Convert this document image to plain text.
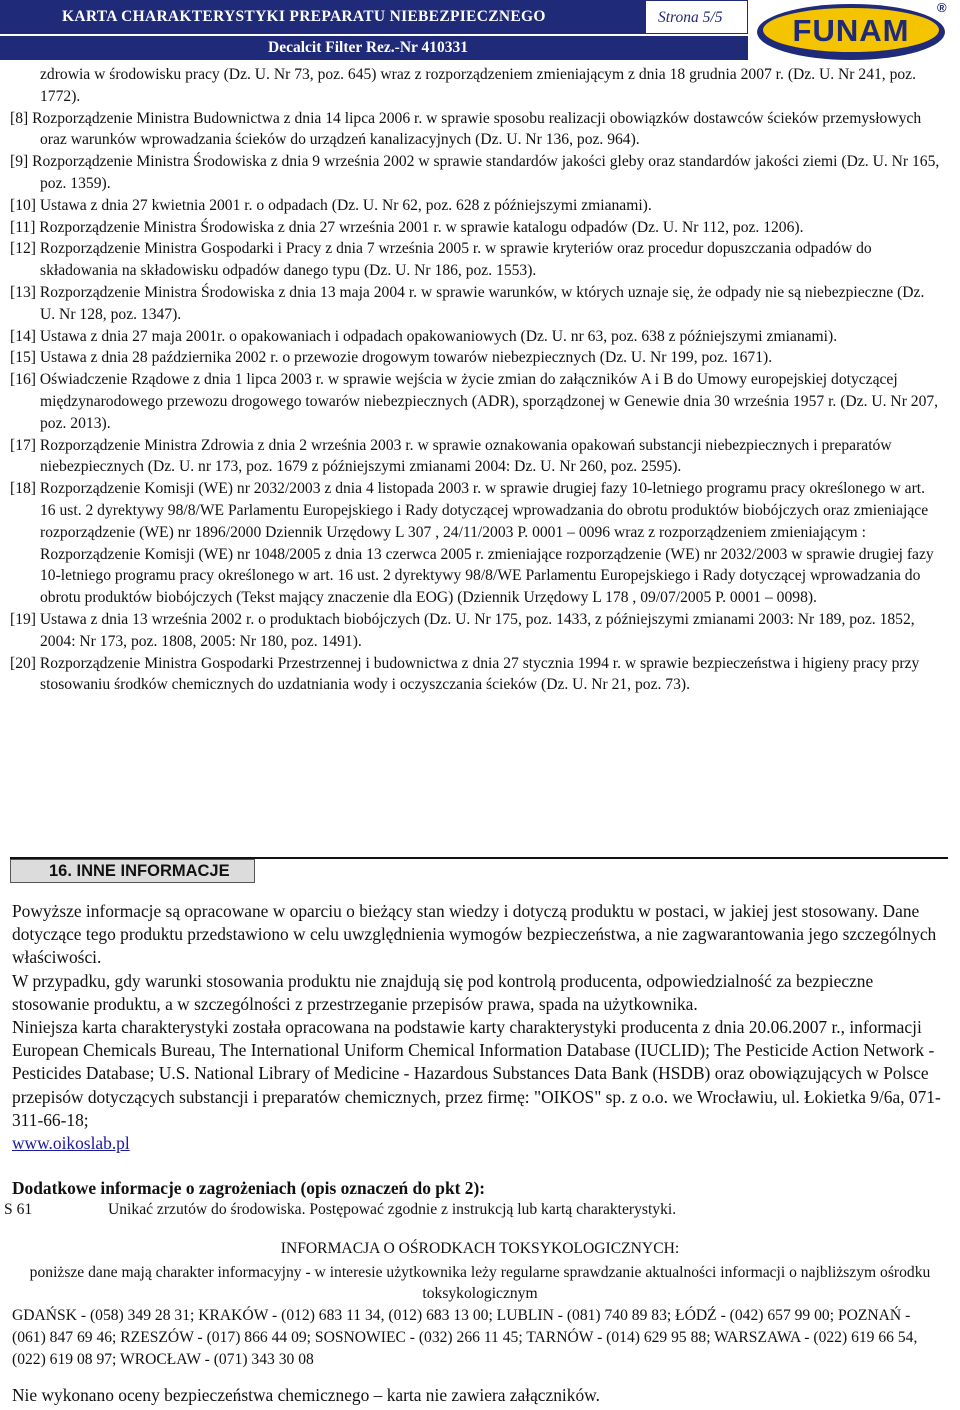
KARTA CHARAKTERYSTYKI PREPARATU NIEBEZPIECZNEGO	Strona 5/5
Decalcit Filter Rez.-Nr 410331	FUNAM
®

zdrowia w środowisku pracy (Dz. U. Nr 73, poz. 645) wraz z rozporządzeniem zmieniającym z dnia 18 grudnia 2007 r. (Dz. U. Nr 241, poz. 1772).

[8] Rozporządzenie Ministra Budownictwa z dnia 14 lipca 2006 r. w sprawie sposobu realizacji obowiązków dostawców ścieków przemysłowych oraz warunków wprowadzania ścieków do urządzeń kanalizacyjnych (Dz. U. Nr 136, poz. 964).

[9] Rozporządzenie Ministra Środowiska z dnia 9 września 2002 w sprawie standardów jakości gleby oraz standardów jakości ziemi (Dz. U. Nr 165, poz. 1359).

[10] Ustawa z dnia 27 kwietnia 2001 r. o odpadach (Dz. U. Nr 62, poz. 628 z późniejszymi zmianami).

[11] Rozporządzenie Ministra Środowiska z dnia 27 września 2001 r. w sprawie katalogu odpadów (Dz. U. Nr 112, poz. 1206).

[12] Rozporządzenie Ministra Gospodarki i Pracy z dnia 7 września 2005 r. w sprawie kryteriów oraz procedur dopuszczania odpadów do składowania na składowisku odpadów danego typu (Dz. U. Nr 186, poz. 1553).

[13] Rozporządzenie Ministra Środowiska z dnia 13 maja 2004 r. w sprawie warunków, w których uznaje się, że odpady nie są niebezpieczne (Dz. U. Nr 128, poz. 1347).

[14] Ustawa z dnia 27 maja 2001r. o opakowaniach i odpadach opakowaniowych (Dz. U. nr 63, poz. 638 z późniejszymi zmianami).

[15] Ustawa z dnia 28 października 2002 r. o przewozie drogowym towarów niebezpiecznych (Dz. U. Nr 199, poz. 1671).

[16] Oświadczenie Rządowe z dnia 1 lipca 2003 r. w sprawie wejścia w życie zmian do załączników A i B do Umowy europejskiej dotyczącej międzynarodowego przewozu drogowego towarów niebezpiecznych (ADR), sporządzonej w Genewie dnia 30 września 1957 r. (Dz. U. Nr 207, poz. 2013).

[17] Rozporządzenie Ministra Zdrowia z dnia 2 września 2003 r. w sprawie oznakowania opakowań substancji niebezpiecznych i preparatów niebezpiecznych (Dz. U. nr 173, poz. 1679 z późniejszymi zmianami 2004: Dz. U. Nr 260, poz. 2595).

[18] Rozporządzenie Komisji (WE) nr 2032/2003 z dnia 4 listopada 2003 r. w sprawie drugiej fazy 10-letniego programu pracy określonego w art. 16 ust. 2 dyrektywy 98/8/WE Parlamentu Europejskiego i Rady dotyczącej wprowadzania do obrotu produktów biobójczych oraz zmieniające rozporządzenie (WE) nr 1896/2000 Dziennik Urzędowy L 307 , 24/11/2003 P. 0001 – 0096 wraz z rozporządzeniem zmieniającym : Rozporządzenie Komisji (WE) nr 1048/2005 z dnia 13 czerwca 2005 r. zmieniające rozporządzenie (WE) nr 2032/2003 w sprawie drugiej fazy 10-letniego programu pracy określonego w art. 16 ust. 2 dyrektywy 98/8/WE Parlamentu Europejskiego i Rady dotyczącej wprowadzania do obrotu produktów biobójczych (Tekst mający znaczenie dla EOG) (Dziennik Urzędowy L 178 , 09/07/2005 P. 0001 – 0098).

[19] Ustawa z dnia 13 września 2002 r. o produktach biobójczych (Dz. U. Nr 175, poz. 1433, z późniejszymi zmianami 2003: Nr 189, poz. 1852, 2004: Nr 173, poz. 1808, 2005: Nr 180, poz. 1491).

[20] Rozporządzenie Ministra Gospodarki Przestrzennej i budownictwa z dnia 27 stycznia 1994 r. w sprawie bezpieczeństwa i higieny pracy przy stosowaniu środków chemicznych do uzdatniania wody i oczyszczania ścieków (Dz. U. Nr 21, poz. 73).

16. INNE INFORMACJE

Powyższe informacje są opracowane w oparciu o bieżący stan wiedzy i dotyczą produktu w postaci, w jakiej jest stosowany. Dane dotyczące tego produktu przedstawiono w celu uwzględnienia wymogów bezpieczeństwa, a nie zagwarantowania jego szczególnych właściwości.

W przypadku, gdy warunki stosowania produktu nie znajdują się pod kontrolą producenta, odpowiedzialność za bezpieczne stosowanie produktu, a w szczególności z przestrzeganie przepisów prawa, spada na użytkownika.

Niniejsza karta charakterystyki została opracowana na podstawie karty charakterystyki producenta z dnia 20.06.2007 r., informacji European Chemicals Bureau, The International Uniform Chemical Information Database (IUCLID); The Pesticide Action Network - Pesticides Database; U.S. National Library of Medicine - Hazardous Substances Data Bank (HSDB) oraz obowiązujących w Polsce przepisów dotyczących substancji i preparatów chemicznych, przez firmę: "OIKOS" sp. z o.o. we Wrocławiu, ul. Łokietka 9/6a, 071-311-66-18;
www.oikoslab.pl

Dodatkowe informacje o zagrożeniach (opis oznaczeń do pkt 2):
S 61	Unikać zrzutów do środowiska. Postępować zgodnie z instrukcją lub kartą charakterystyki.
INFORMACJA O OŚRODKACH TOKSYKOLOGICZNYCH:
poniższe dane mają charakter informacyjny - w interesie użytkownika leży regularne sprawdzanie aktualności informacji o najbliższym ośrodku toksykologicznym
GDAŃSK - (058) 349 28 31; KRAKÓW - (012) 683 11 34, (012) 683 13 00; LUBLIN - (081) 740 89 83; ŁÓDŹ - (042) 657 99 00; POZNAŃ - (061) 847 69 46; RZESZÓW - (017) 866 44 09; SOSNOWIEC - (032) 266 11 45; TARNÓW - (014) 629 95 88; WARSZAWA - (022) 619 66 54, (022) 619 08 97; WROCŁAW - (071) 343 30 08
Nie wykonano oceny bezpieczeństwa chemicznego – karta nie zawiera załączników.
